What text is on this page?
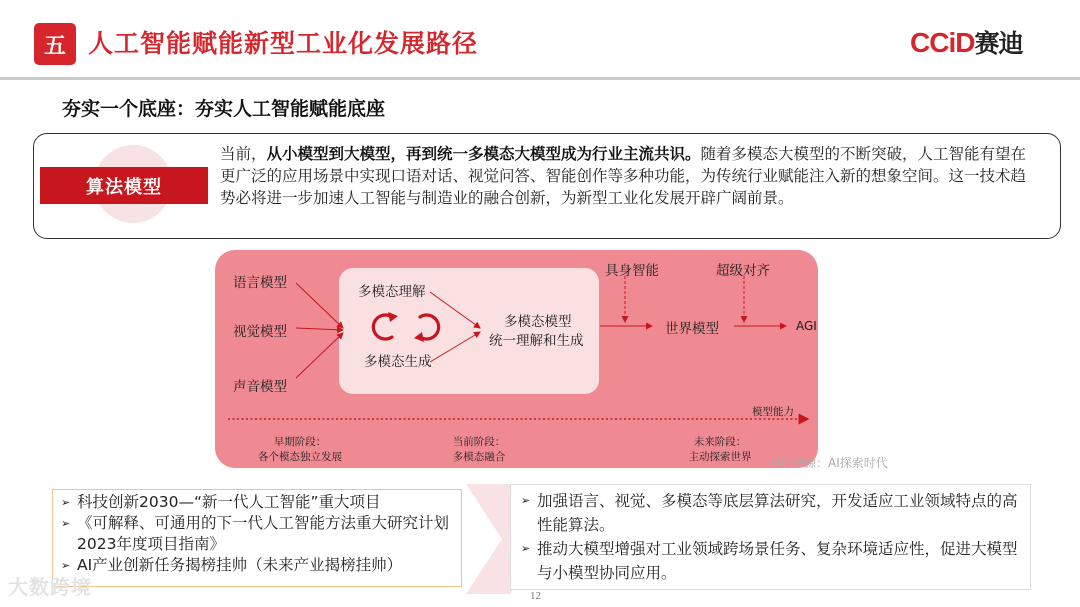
五 人工智能赋能新型工业化发展路径	CCiD赛迪
夯实一个底座：夯实人工智能赋能底座
算法模型
当前，从小模型到大模型，再到统一多模态大模型成为行业主流共识。随着多模态大模型的不断突破，人工智能有望在更广泛的应用场景中实现口语对话、视觉问答、智能创作等多种功能，为传统行业赋能注入新的想象空间。这一技术趋势必将进一步加速人工智能与制造业的融合创新，为新型工业化发展开辟广阔前景。
语言模型
视觉模型
声音模型
多模态理解
多模态生成
多模态模型
统一理解和生成
具身智能	超级对齐
世界模型	AGI
模型能力
早期阶段：
各个模态独立发展
当前阶段：
多模态融合
未来阶段：
主动探索世界	图片来源：AI探索时代
➢ 科技创新2030—“新一代人工智能”重大项目
➢ 《可解释、可通用的下一代人工智能方法重大研究计划2023年度项目指南》
➢ AI产业创新任务揭榜挂帅（未来产业揭榜挂帅）
➢ 加强语言、视觉、多模态等底层算法研究，开发适应工业领域特点的高性能算法。
➢ 推动大模型增强对工业领域跨场景任务、复杂环境适应性，促进大模型与小模型协同应用。
大数跨境	12
